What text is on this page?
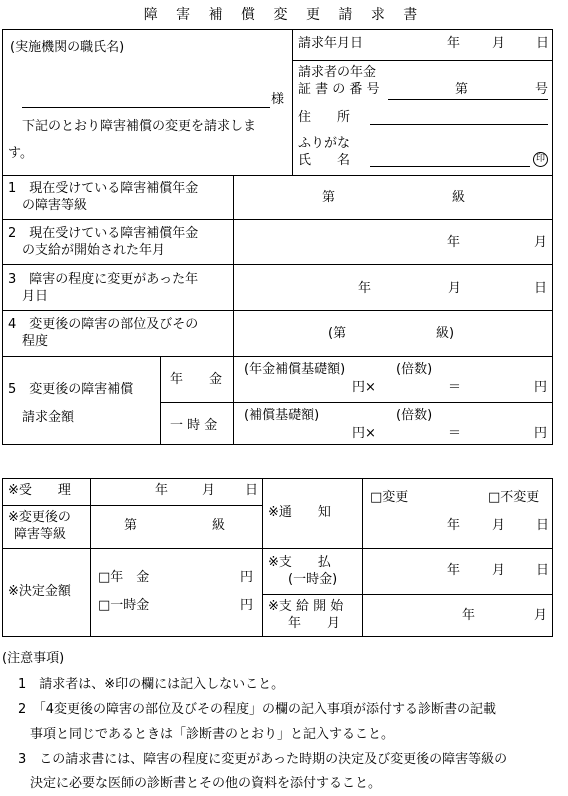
障 害 補 償 変 更 請 求 書
(実施機関の職氏名)
様
下記のとおり障害補償の変更を請求しま
す。
請求年月日	年 月 日
請求者の年金
証 書 の 番 号	第	号
住　　所
ふりがな
氏　　名	印
1　現在受けている障害補償年金
の障害等級
第	級
2　現在受けている障害補償年金
の支給が開始された年月
年	月
3　障害の程度に変更があった年
月日
年	月	日
4　変更後の障害の部位及びその
程度
(第	級)
5　変更後の障害補償
請求金額
年　　金
(年金補償基礎額)	(倍数)
円×	＝	円
一 時 金
(補償基礎額)	(倍数)
円×	＝	円
※受　　理	年	月 日
※変更後の
障害等級
第	級
※通　　知
□変更	□不変更
年 月 日
※決定金額
□年　金	円
□一時金	円
※支　　払
(一時金)
年 月 日
※支 給 開 始
年　　月
年	月
(注意事項)
1　請求者は、※印の欄には記入しないこと。
2　「4変更後の障害の部位及びその程度」の欄の記入事項が添付する診断書の記載
事項と同じであるときは「診断書のとおり」と記入すること。
3　この請求書には、障害の程度に変更があった時期の決定及び変更後の障害等級の
決定に必要な医師の診断書とその他の資料を添付すること。
